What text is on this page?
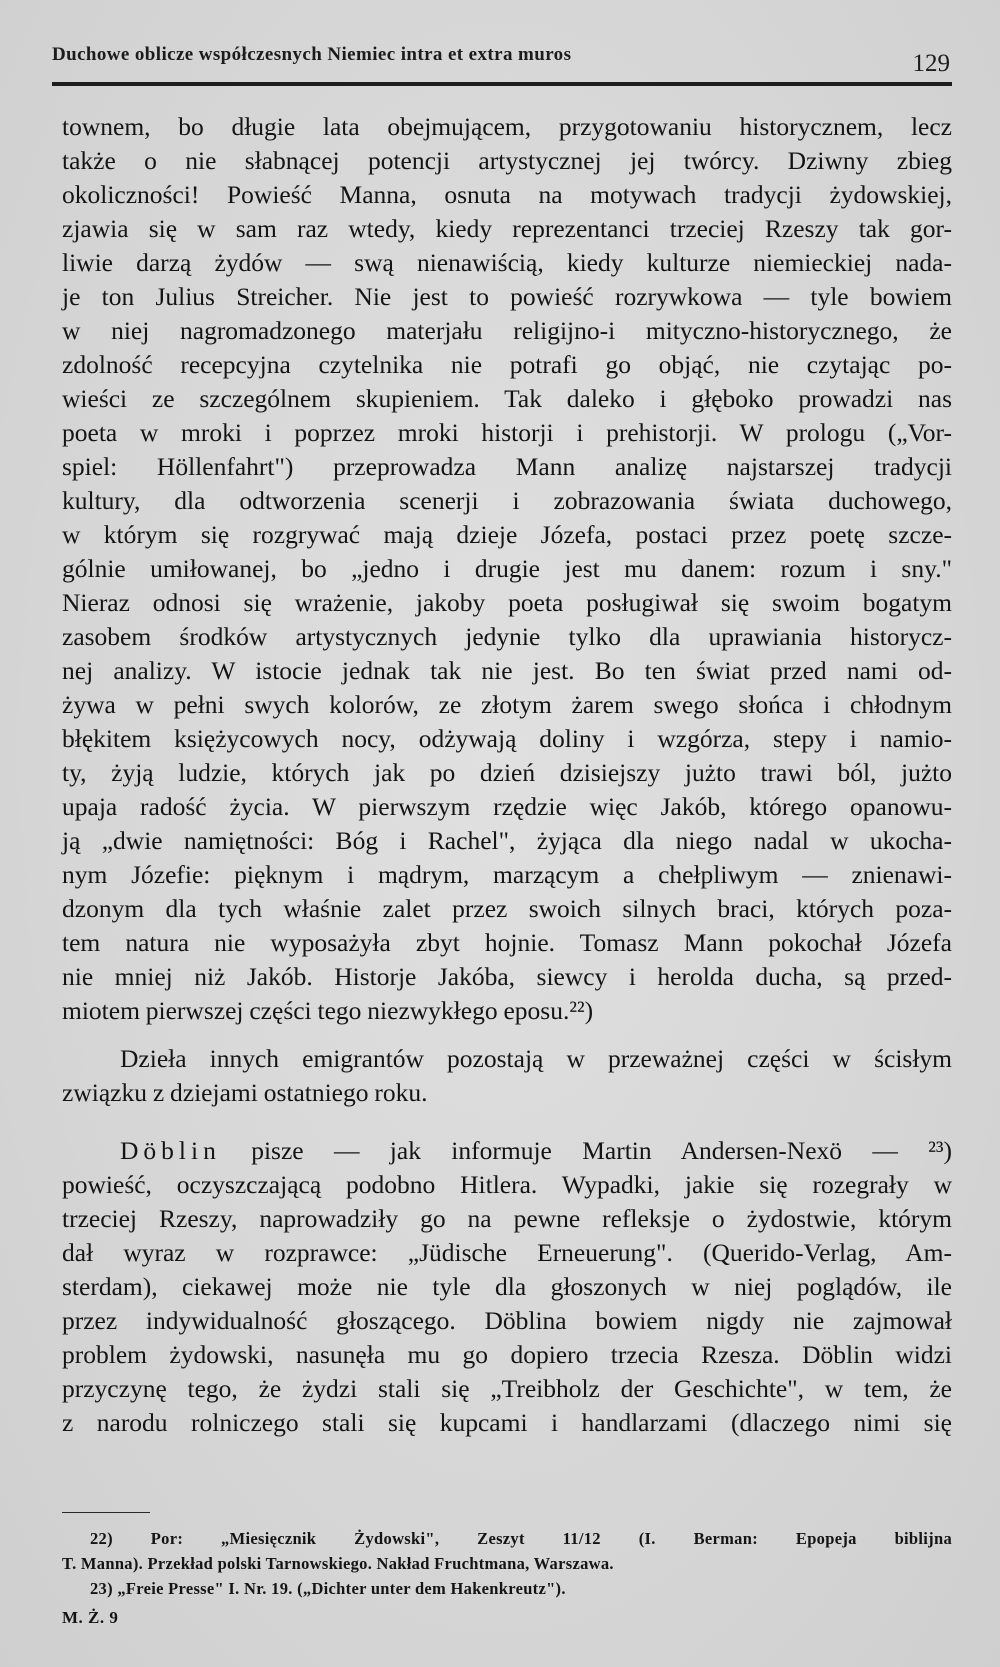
Duchowe oblicze współczesnych Niemiec intra et extra muros	129
townem, bo długie lata obejmującem, przygotowaniu historycznem, lecz
także o nie słabnącej potencji artystycznej jej twórcy. Dziwny zbieg
okoliczności! Powieść Manna, osnuta na motywach tradycji żydowskiej,
zjawia się w sam raz wtedy, kiedy reprezentanci trzeciej Rzeszy tak gor-
liwie darzą żydów — swą nienawiścią, kiedy kulturze niemieckiej nada-
je ton Julius Streicher. Nie jest to powieść rozrywkowa — tyle bowiem
w niej nagromadzonego materjału religijno-i mityczno-historycznego, że
zdolność recepcyjna czytelnika nie potrafi go objąć, nie czytając po-
wieści ze szczególnem skupieniem. Tak daleko i głęboko prowadzi nas
poeta w mroki i poprzez mroki historji i prehistorji. W prologu („Vor-
spiel: Höllenfahrt") przeprowadza Mann analizę najstarszej tradycji
kultury, dla odtworzenia scenerji i zobrazowania świata duchowego,
w którym się rozgrywać mają dzieje Józefa, postaci przez poetę szcze-
gólnie umiłowanej, bo „jedno i drugie jest mu danem: rozum i sny."
Nieraz odnosi się wrażenie, jakoby poeta posługiwał się swoim bogatym
zasobem środków artystycznych jedynie tylko dla uprawiania historycz-
nej analizy. W istocie jednak tak nie jest. Bo ten świat przed nami od-
żywa w pełni swych kolorów, ze złotym żarem swego słońca i chłodnym
błękitem księżycowych nocy, odżywają doliny i wzgórza, stepy i namio-
ty, żyją ludzie, których jak po dzień dzisiejszy jużto trawi ból, jużto
upaja radość życia. W pierwszym rzędzie więc Jakób, którego opanowu-
ją „dwie namiętności: Bóg i Rachel", żyjąca dla niego nadal w ukocha-
nym Józefie: pięknym i mądrym, marzącym a chełpliwym — znienawi-
dzonym dla tych właśnie zalet przez swoich silnych braci, których poza-
tem natura nie wyposażyła zbyt hojnie. Tomasz Mann pokochał Józefa
nie mniej niż Jakób. Historje Jakóba, siewcy i herolda ducha, są przed-
miotem pierwszej części tego niezwykłego eposu.²²)
Dzieła innych emigrantów pozostają w przeważnej części w ścisłym
związku z dziejami ostatniego roku.
Döblin pisze — jak informuje Martin Andersen-Nexö — ²³)
powieść, oczyszczającą podobno Hitlera. Wypadki, jakie się rozegrały w
trzeciej Rzeszy, naprowadziły go na pewne refleksje o żydostwie, którym
dał wyraz w rozprawce: „Jüdische Erneuerung". (Querido-Verlag, Am-
sterdam), ciekawej może nie tyle dla głoszonych w niej poglądów, ile
przez indywidualność głoszącego. Döblina bowiem nigdy nie zajmował
problem żydowski, nasunęła mu go dopiero trzecia Rzesza. Döblin widzi
przyczynę tego, że żydzi stali się „Treibholz der Geschichte", w tem, że
z narodu rolniczego stali się kupcami i handlarzami (dlaczego nimi się
22) Por: „Miesięcznik Żydowski", Zeszyt 11/12 (I. Berman: Epopeja biblijna
T. Manna). Przekład polski Tarnowskiego. Nakład Fruchtmana, Warszawa.
23) „Freie Presse" I. Nr. 19. („Dichter unter dem Hakenkreutz").
M. Ż. 9
